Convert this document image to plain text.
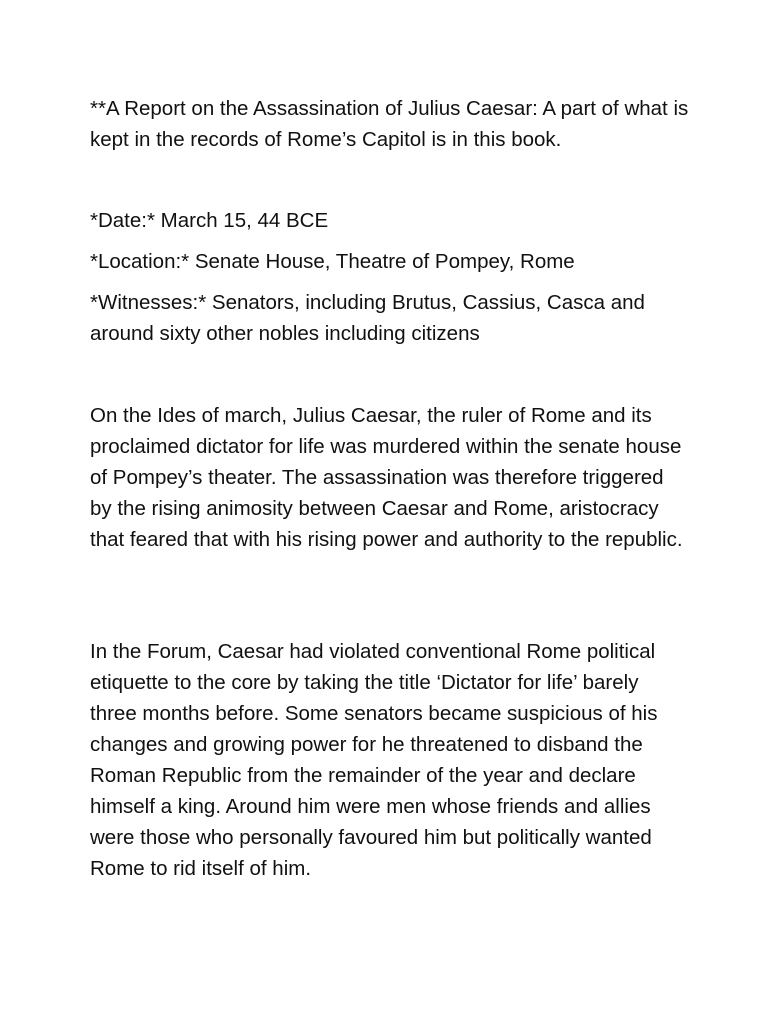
**A Report on the Assassination of Julius Caesar: A part of what is kept in the records of Rome’s Capitol is in this book.

*Date:* March 15, 44 BCE

*Location:* Senate House, Theatre of Pompey, Rome

*Witnesses:* Senators, including Brutus, Cassius, Casca and around sixty other nobles including citizens

On the Ides of march, Julius Caesar, the ruler of Rome and its proclaimed dictator for life was murdered within the senate house of Pompey’s theater. The assassination was therefore triggered by the rising animosity between Caesar and Rome, aristocracy that feared that with his rising power and authority to the republic.

In the Forum, Caesar had violated conventional Rome political etiquette to the core by taking the title ‘Dictator for life’ barely three months before. Some senators became suspicious of his changes and growing power for he threatened to disband the Roman Republic from the remainder of the year and declare himself a king. Around him were men whose friends and allies were those who personally favoured him but politically wanted Rome to rid itself of him.
